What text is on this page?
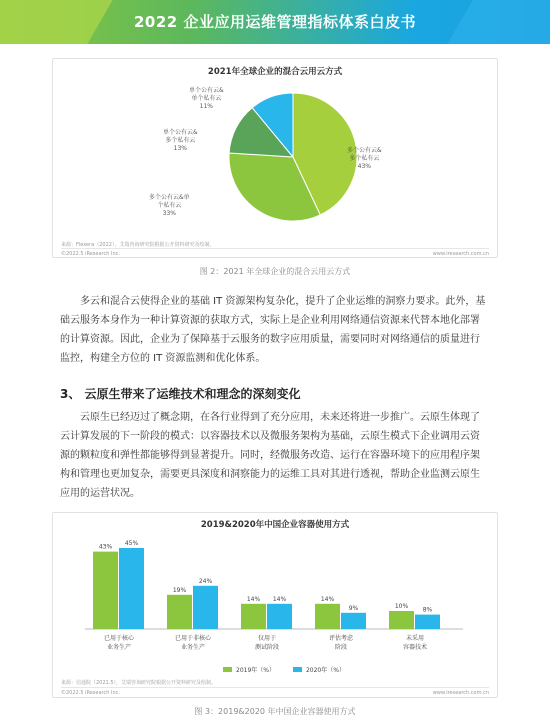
2022 企业应用运维管理指标体系白皮书
2021年全球企业的混合云用云方式
多个公有云&
多个私有云
43%
多个公有云&单
个私有云
33%
单个公有云&
多个私有云
13%
单个公有云&
单个私有云
11%
来源：Flexera（2022），艾瑞咨询研究院根据公开资料研究及绘制。
©2022.5 iResearch Inc.	www.iresearch.com.cn
图 2：2021 年全球企业的混合云用云方式
多云和混合云使得企业的基础 IT 资源架构复杂化，提升了企业运维的洞察力要求。此外，基础云服务本身作为一种计算资源的获取方式，实际上是企业利用网络通信资源来代替本地化部署的计算资源。因此，企业为了保障基于云服务的数字应用质量，需要同时对网络通信的质量进行监控，构建全方位的 IT 资源监测和优化体系。
3、 云原生带来了运维技术和理念的深刻变化
云原生已经迈过了概念期，在各行业得到了充分应用，未来还将进一步推广。云原生体现了云计算发展的下一阶段的模式：以容器技术以及微服务架构为基础，云原生模式下企业调用云资源的颗粒度和弹性都能够得到显著提升。同时，经微服务改造、运行在容器环境下的应用程序架构和管理也更加复杂，需要更具深度和洞察能力的运维工具对其进行透视，帮助企业监测云原生应用的运营状况。
2019&2020年中国企业容器使用方式
43%
45%
已用于核心
业务生产
19%
24%
已用于非核心
业务生产
14% 14%
仅用于
测试阶段
14%
9%
评估考虑
阶段
10%
8%
未采用
容器技术
2019年（%）	2020年（%）
来源：信通院（2021.5），艾瑞咨询研究院根据公开资料研究及绘制。
©2022.5 iResearch Inc.	www.iresearch.com.cn
图 3：2019&2020 年中国企业容器使用方式
